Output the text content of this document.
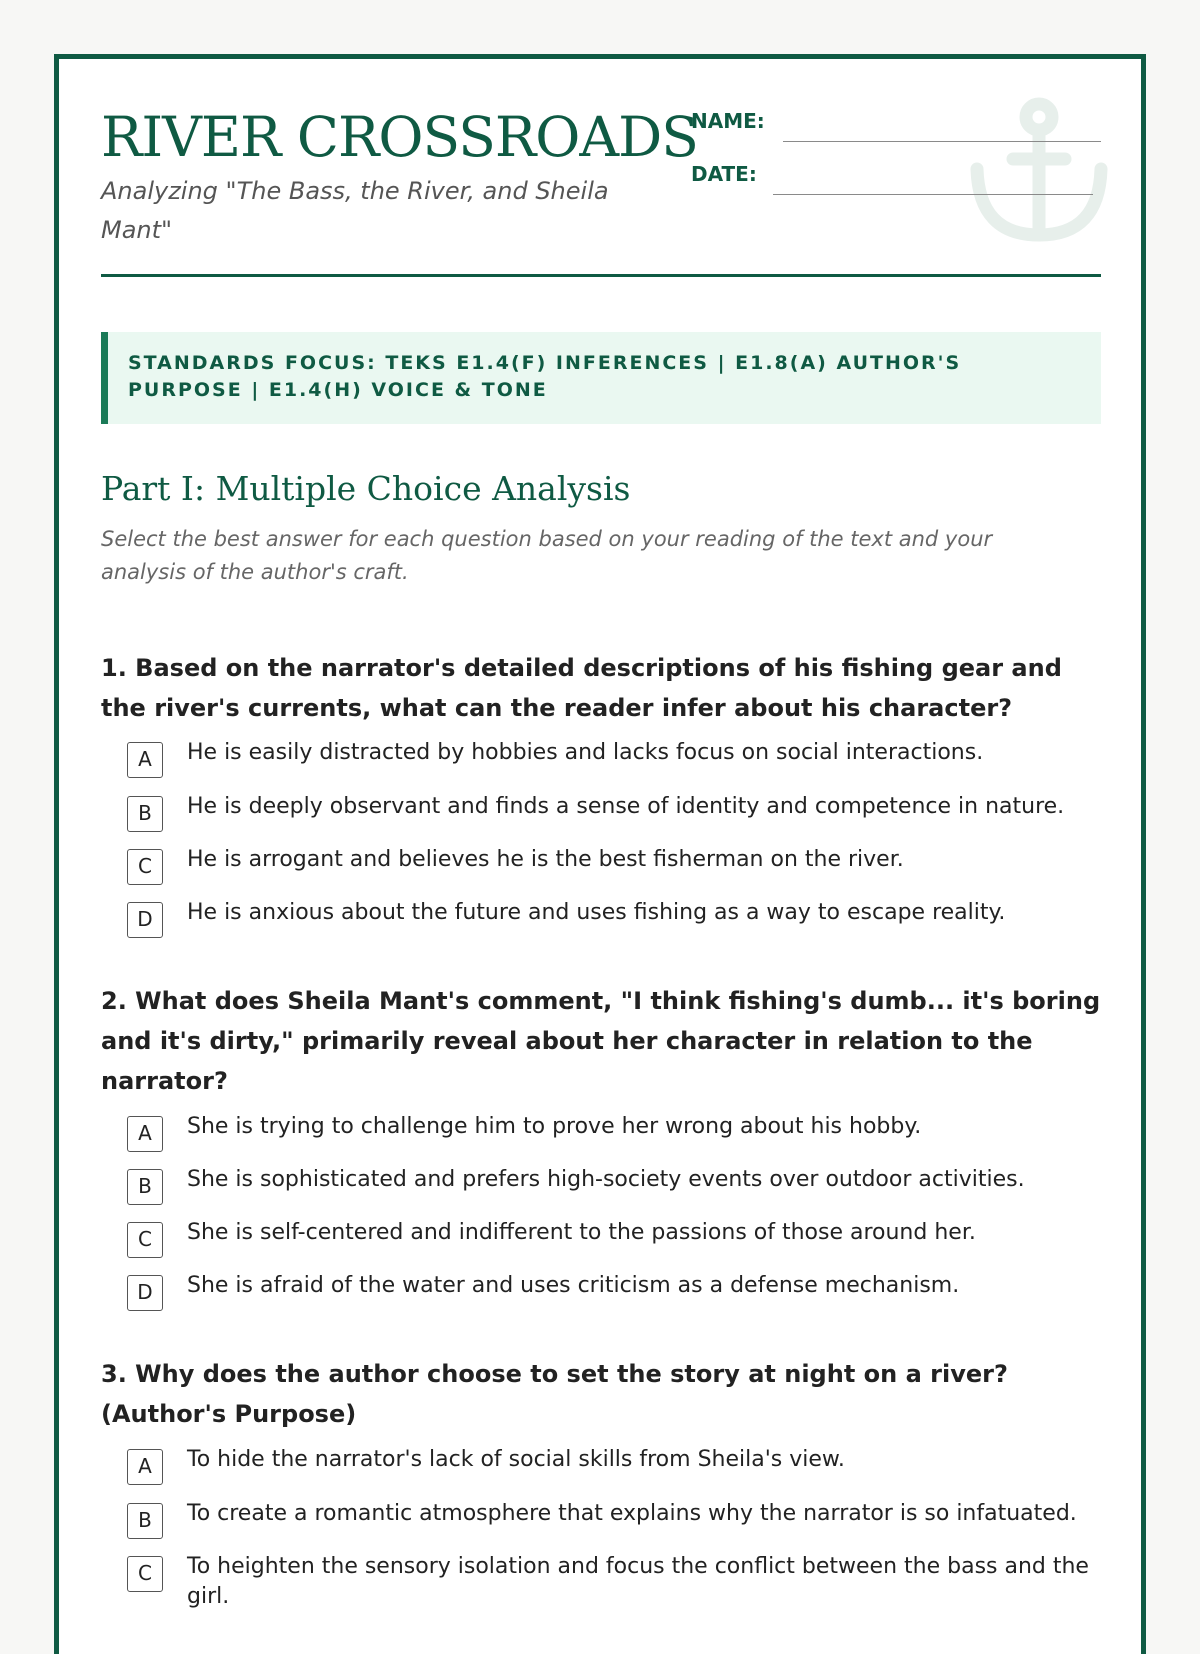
RIVER CROSSROADS
Analyzing "The Bass, the River, and Sheila Mant"
NAME:
DATE:
STANDARDS FOCUS: TEKS E1.4(F) INFERENCES | E1.8(A) AUTHOR'S PURPOSE | E1.4(H) VOICE & TONE
Part I: Multiple Choice Analysis
Select the best answer for each question based on your reading of the text and your analysis of the author's craft.
1. Based on the narrator's detailed descriptions of his fishing gear and the river's currents, what can the reader infer about his character?
A	He is easily distracted by hobbies and lacks focus on social interactions.
B	He is deeply observant and finds a sense of identity and competence in nature.
C	He is arrogant and believes he is the best fisherman on the river.
D	He is anxious about the future and uses fishing as a way to escape reality.
2. What does Sheila Mant's comment, "I think fishing's dumb... it's boring and it's dirty," primarily reveal about her character in relation to the narrator?
A	She is trying to challenge him to prove her wrong about his hobby.
B	She is sophisticated and prefers high-society events over outdoor activities.
C	She is self-centered and indifferent to the passions of those around her.
D	She is afraid of the water and uses criticism as a defense mechanism.
3. Why does the author choose to set the story at night on a river? (Author's Purpose)
A	To hide the narrator's lack of social skills from Sheila's view.
B	To create a romantic atmosphere that explains why the narrator is so infatuated.
C	To heighten the sensory isolation and focus the conflict between the bass and the girl.
